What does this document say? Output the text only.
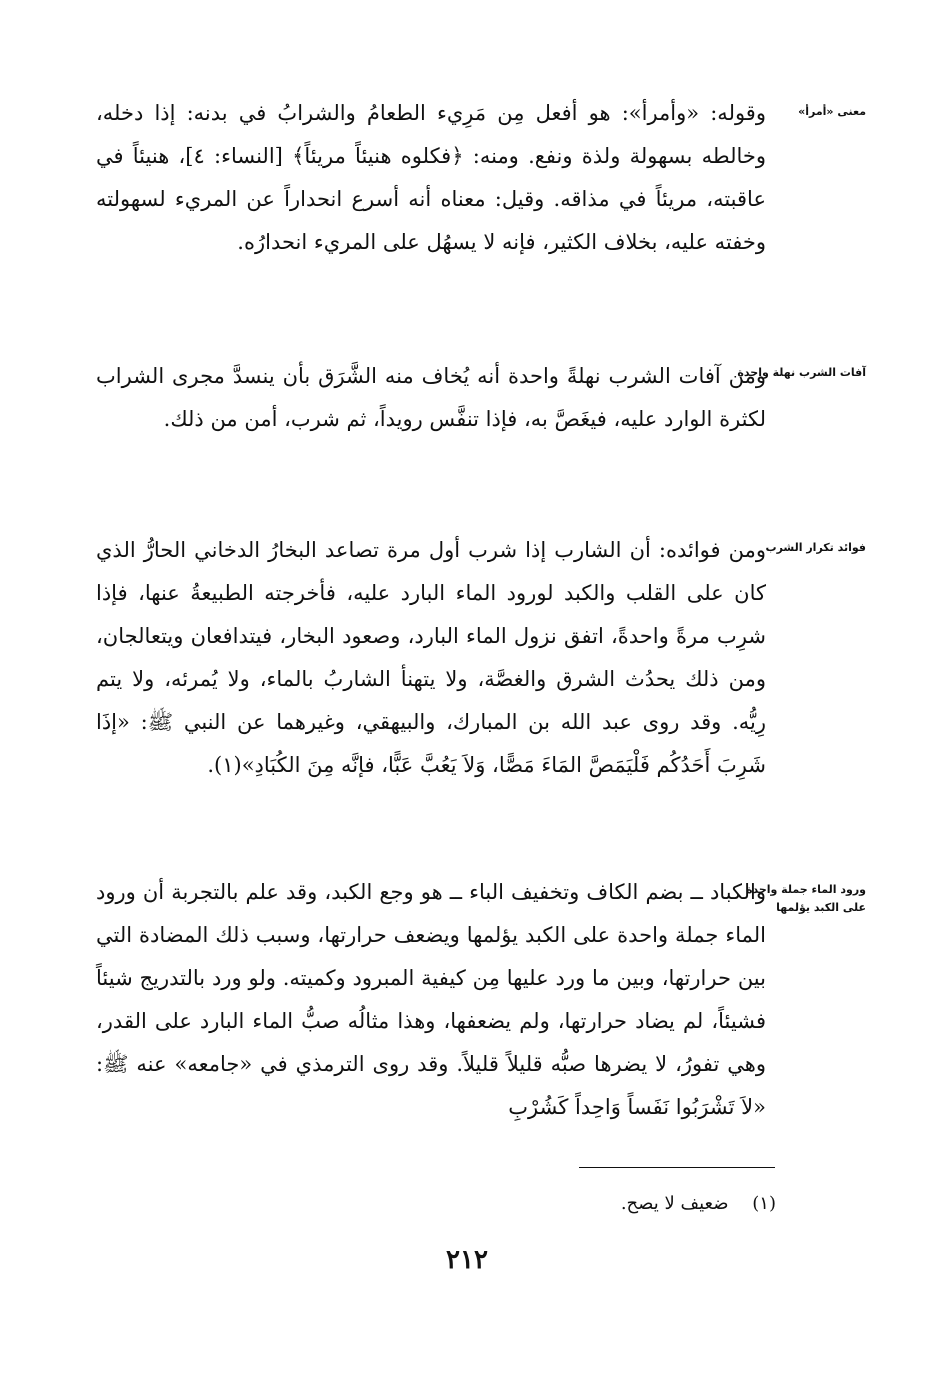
معنى «أمرأ»

وقوله: «وأمرأ»: هو أفعل مِن مَرِيء الطعامُ والشرابُ في بدنه: إذا دخله، وخالطه بسهولة ولذة ونفع. ومنه: ﴿فكلوه هنيئاً مريئاً﴾ [النساء: ٤]، هنيئاً في عاقبته، مريئاً في مذاقه. وقيل: معناه أنه أسرع انحداراً عن المريء لسهولته وخفته عليه، بخلاف الكثير، فإنه لا يسهُل على المريء انحدارُه.

آفات الشرب نهلة واحدة

ومن آفات الشرب نهلةً واحدة أنه يُخاف منه الشَّرَق بأن ينسدَّ مجرى الشراب لكثرة الوارد عليه، فيغَصَّ به، فإذا تنفَّس رويداً، ثم شرب، أمن من ذلك.

فوائد تكرار الشرب

ومن فوائده: أن الشارب إذا شرب أول مرة تصاعد البخارُ الدخاني الحارُّ الذي كان على القلب والكبد لورود الماء البارد عليه، فأخرجته الطبيعةُ عنها، فإذا شرِب مرةً واحدةً، اتفق نزول الماء البارد، وصعود البخار، فيتدافعان ويتعالجان، ومن ذلك يحدُث الشرق والغصَّة، ولا يتهنأ الشاربُ بالماء، ولا يُمرئه، ولا يتم رِيُّه. وقد روى عبد الله بن المبارك، والبيهقي، وغيرهما عن النبي ﷺ: «إذَا شَرِبَ أَحَدُكُم فَلْيَمَصَّ المَاءَ مَصًّا، وَلاَ يَعُبَّ عَبًّا، فإنَّه مِنَ الكُبَادِ»(١).

ورود الماء جملة واحدة
على الكبد يؤلمها

والكباد ــ بضم الكاف وتخفيف الباء ــ هو وجع الكبد، وقد علم بالتجربة أن ورود الماء جملة واحدة على الكبد يؤلمها ويضعف حرارتها، وسبب ذلك المضادة التي بين حرارتها، وبين ما ورد عليها مِن كيفية المبرود وكميته. ولو ورد بالتدريج شيئاً فشيئاً، لم يضاد حرارتها، ولم يضعفها، وهذا مثالُه صبُّ الماء البارد على القدر، وهي تفورُ، لا يضرها صبُّه قليلاً قليلاً. وقد روى الترمذي في «جامعه» عنه ﷺ: «لاَ تَشْرَبُوا نَفَساً وَاحِداً كَشُرْبِ

(١) ضعيف لا يصح.
٢١٢
